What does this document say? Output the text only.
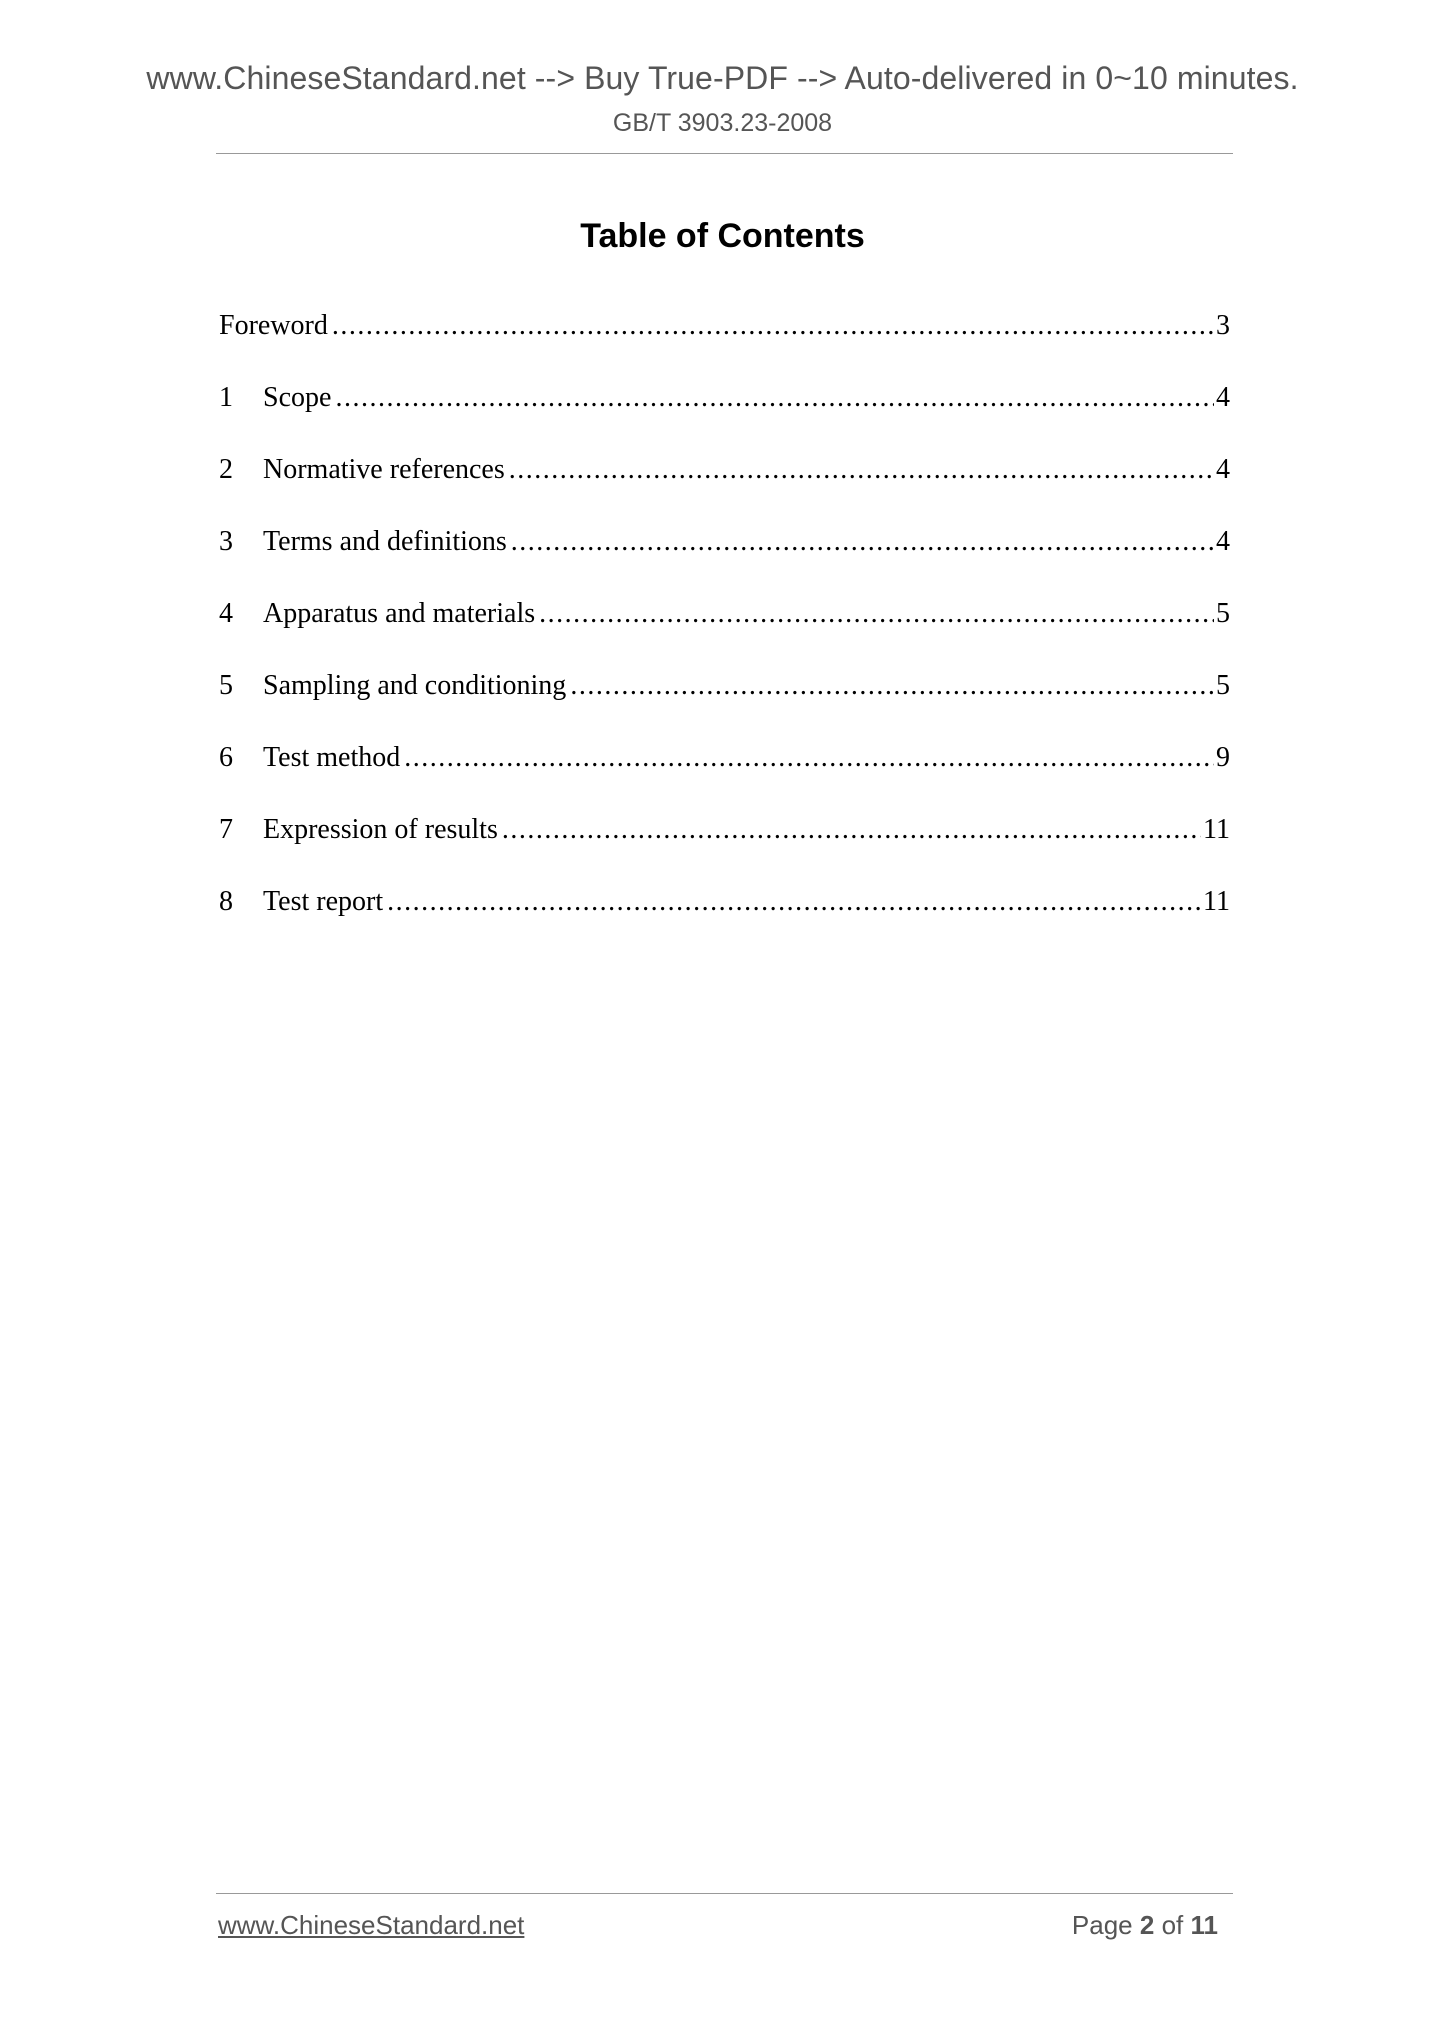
www.ChineseStandard.net --> Buy True-PDF --> Auto-delivered in 0~10 minutes.
GB/T 3903.23-2008
Table of Contents
Foreword .....	3
1	Scope .....	4
2	Normative references .....	4
3	Terms and definitions .....	4
4	Apparatus and materials .....	5
5	Sampling and conditioning .....	5
6	Test method .....	9
7	Expression of results .....	11
8	Test report .....	11
www.ChineseStandard.net	Page 2 of 11
